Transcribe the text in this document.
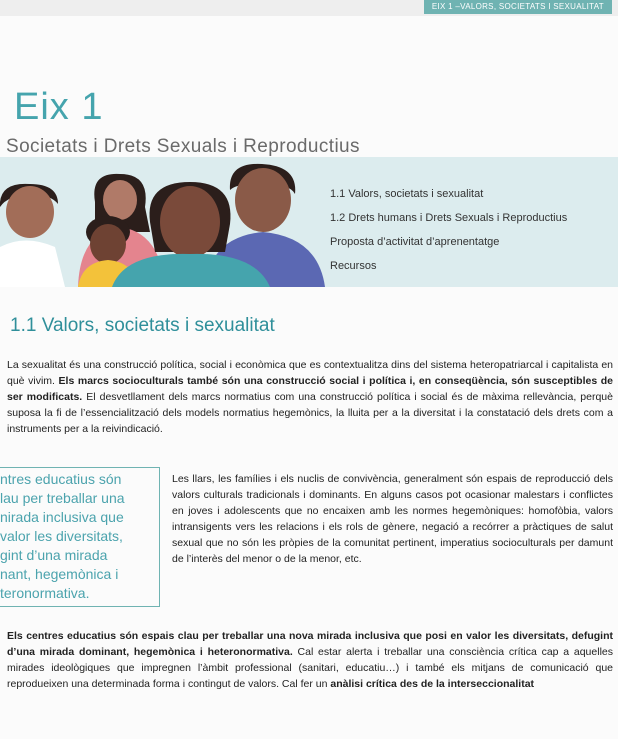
EIX 1 –VALORS, SOCIETATS I SEXUALITAT
Eix 1
Societats i Drets Sexuals i Reproductius
1.1 Valors, societats i sexualitat
1.2 Drets humans i Drets Sexuals i Reproductius
Proposta d’activitat d’aprenentatge
Recursos
1.1 Valors, societats i sexualitat
La sexualitat és una construcció política, social i econòmica que es contextualitza dins del sistema heteropatriarcal i capitalista en què vivim. Els marcs socioculturals també són una construcció social i política i, en conseqüència, són susceptibles de ser modificats. El desvetllament dels marcs normatius com una construcció política i social és de màxima rellevància, perquè suposa la fi de l’essencialització dels models normatius hegemònics, la lluita per a la diversitat i la constatació dels drets com a instruments per a la reivindicació.
ntres educatius són
lau per treballar una
nirada inclusiva que
valor les diversitats,
gint d’una mirada
nant, hegemònica i
teronormativa.
Les llars, les famílies i els nuclis de convivència, generalment són espais de reproducció dels valors culturals tradicionals i dominants. En alguns casos pot ocasionar malestars i conflictes en joves i adolescents que no encaixen amb les normes hegemòniques: homofòbia, valors intransigents vers les relacions i els rols de gènere, negació a recórrer a pràctiques de salut sexual que no són les pròpies de la comunitat pertinent, imperatius socioculturals per damunt de l’interès del menor o de la menor, etc.
Els centres educatius són espais clau per treballar una nova mirada inclusiva que posi en valor les diversitats, defugint d’una mirada dominant, hegemònica i heteronormativa. Cal estar alerta i treballar una consciència crítica cap a aquelles mirades ideològiques que impregnen l’àmbit professional (sanitari, educatiu…) i també els mitjans de comunicació que reprodueixen una determinada forma i contingut de valors. Cal fer un anàlisi crítica des de la interseccionalitat
